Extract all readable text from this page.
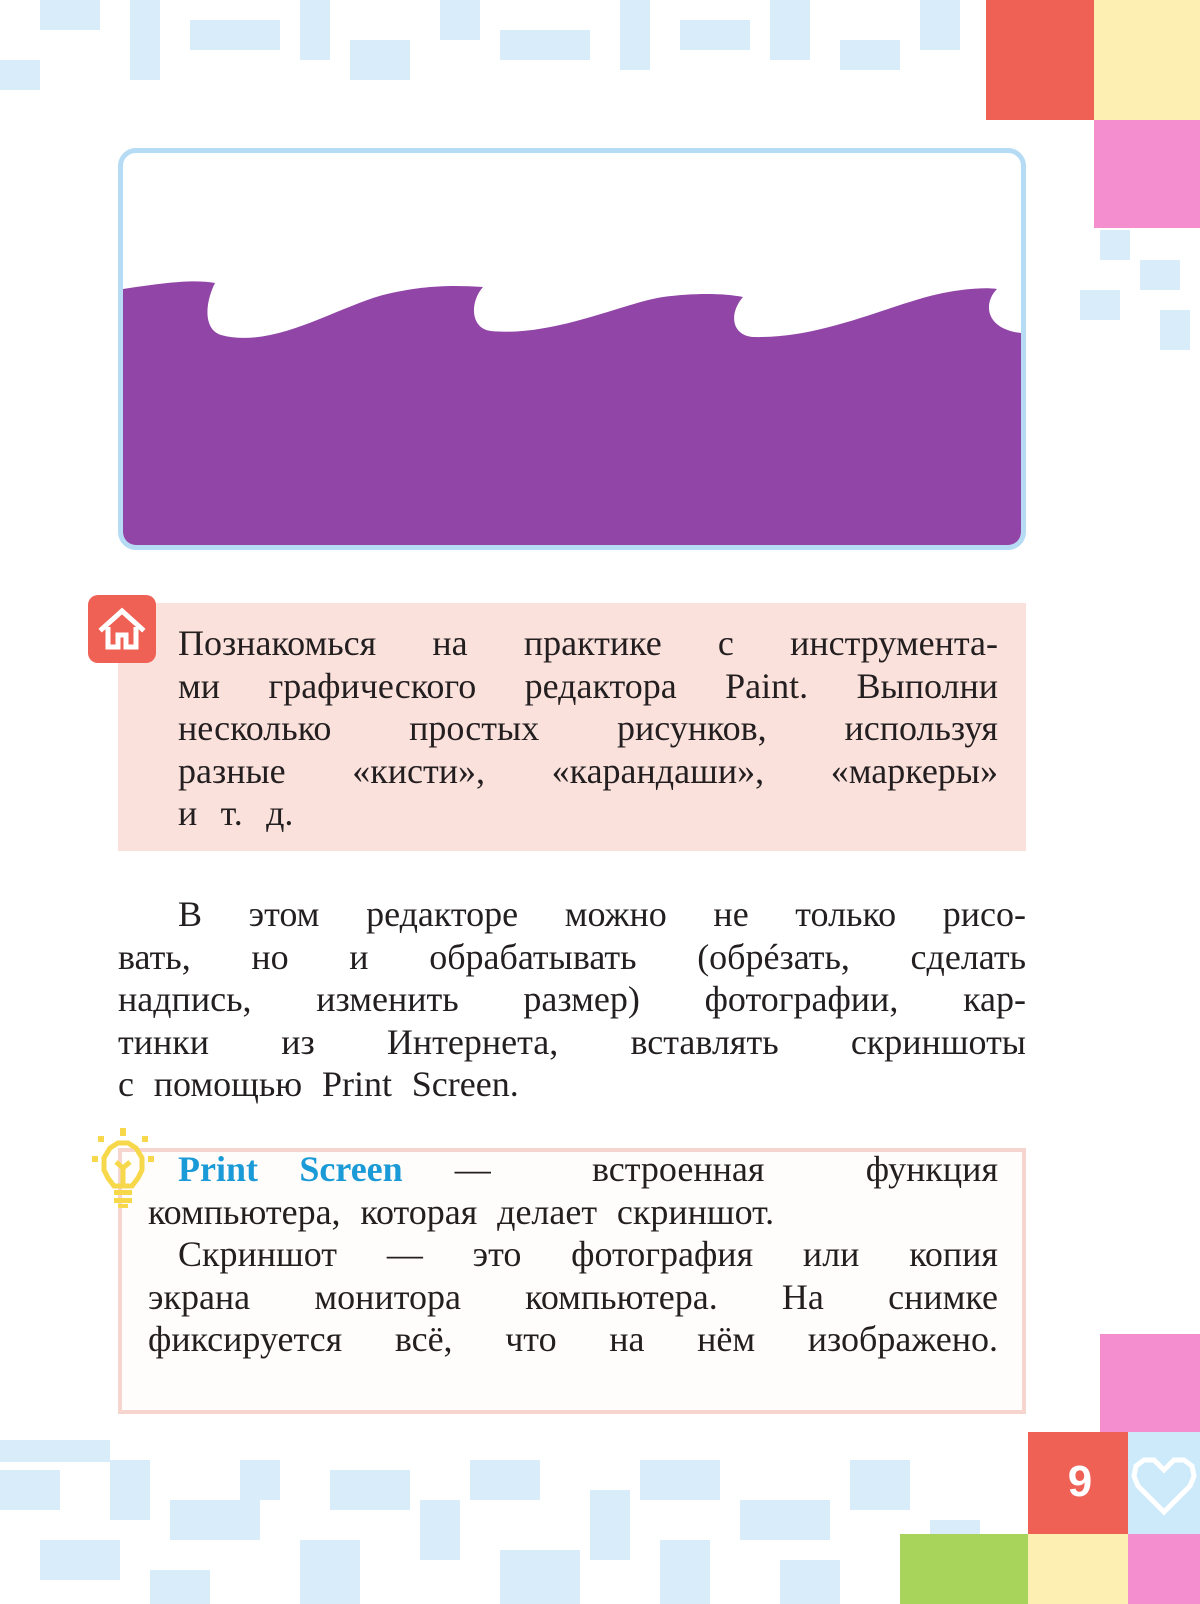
Познакомься на практике с инструмента-
ми графического редактора Paint. Выполни
несколько простых рисунков, используя
разные «кисти», «карандаши», «маркеры»
и т. д.
В этом редакторе можно не только рисо-
вать, но и обрабатывать (обрéзать, сделать
надпись, изменить размер) фотографии, кар-
тинки из Интернета, вставлять скриншоты
с помощью Print Screen.
Print Screen — встроенная функция
компьютера, которая делает скриншот.
Скриншот — это фотография или копия
экрана монитора компьютера. На снимке
фиксируется всё, что на нём изображено.
9
